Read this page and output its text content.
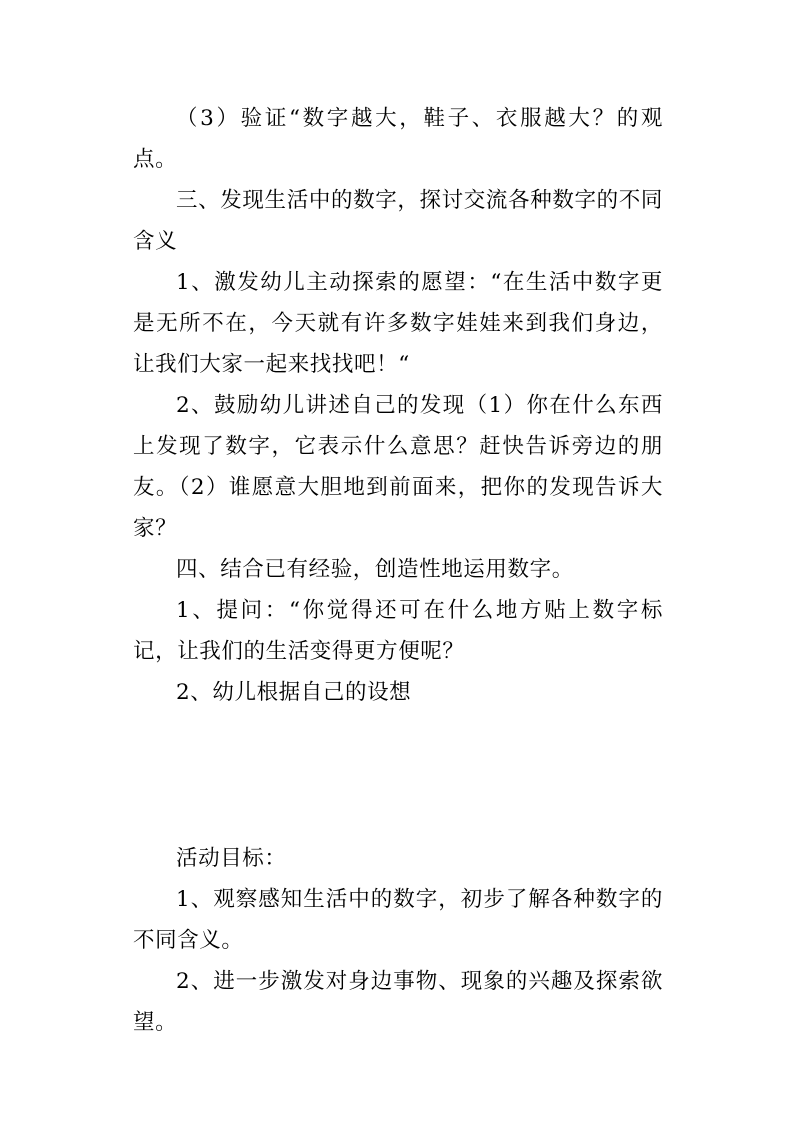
（3）验证“数字越大，鞋子、衣服越大？的观点。

三、发现生活中的数字，探讨交流各种数字的不同含义

1、激发幼儿主动探索的愿望：“在生活中数字更是无所不在，今天就有许多数字娃娃来到我们身边，让我们大家一起来找找吧！“

2、鼓励幼儿讲述自己的发现（1）你在什么东西上发现了数字，它表示什么意思？赶快告诉旁边的朋友。（2）谁愿意大胆地到前面来，把你的发现告诉大家？

四、结合已有经验，创造性地运用数字。

1、提问：“你觉得还可在什么地方贴上数字标记，让我们的生活变得更方便呢？

2、幼儿根据自己的设想

活动目标：

1、观察感知生活中的数字，初步了解各种数字的不同含义。

2、进一步激发对身边事物、现象的兴趣及探索欲望。
